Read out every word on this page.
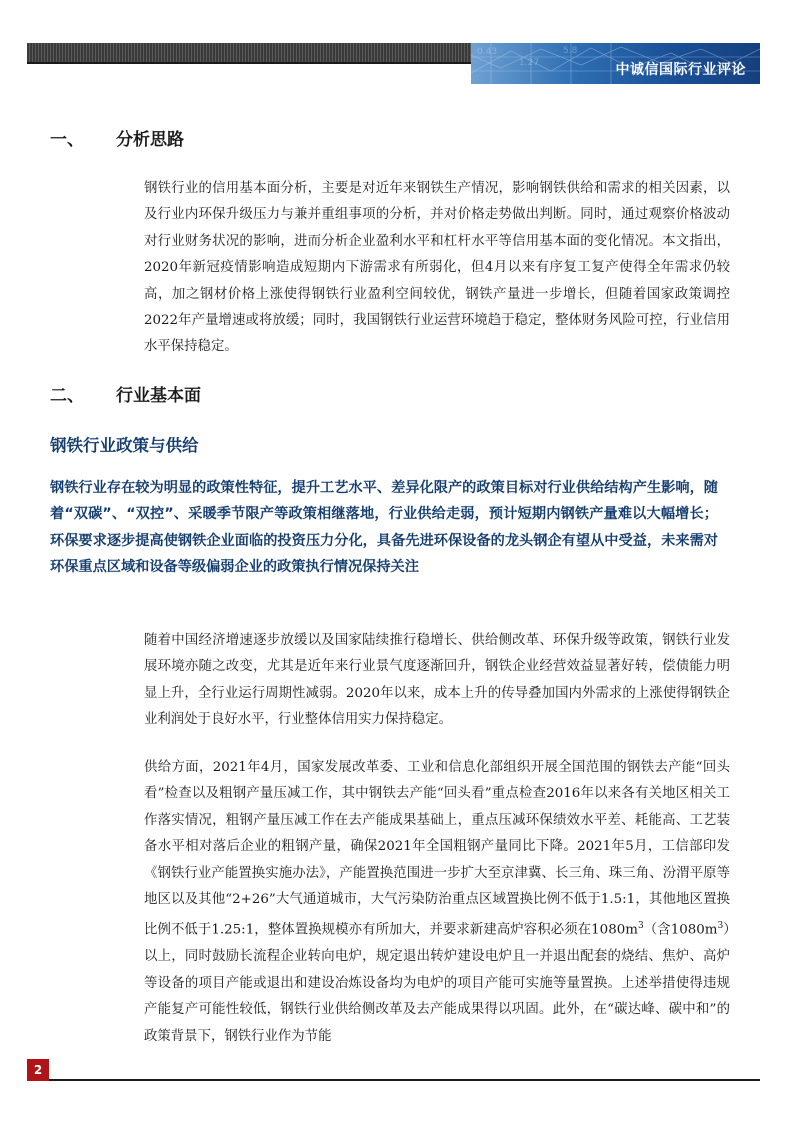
0.43
1.27
5.8
中诚信国际行业评论
一、 分析思路
钢铁行业的信用基本面分析，主要是对近年来钢铁生产情况，影响钢铁供给和需求的相关因素，以及行业内环保升级压力与兼并重组事项的分析，并对价格走势做出判断。同时，通过观察价格波动对行业财务状况的影响，进而分析企业盈利水平和杠杆水平等信用基本面的变化情况。本文指出，2020年新冠疫情影响造成短期内下游需求有所弱化，但4月以来有序复工复产使得全年需求仍较高，加之钢材价格上涨使得钢铁行业盈利空间较优，钢铁产量进一步增长，但随着国家政策调控2022年产量增速或将放缓；同时，我国钢铁行业运营环境趋于稳定，整体财务风险可控，行业信用水平保持稳定。
二、 行业基本面
钢铁行业政策与供给
钢铁行业存在较为明显的政策性特征，提升工艺水平、差异化限产的政策目标对行业供给结构产生影响，随着“双碳”、“双控”、采暖季节限产等政策相继落地，行业供给走弱，预计短期内钢铁产量难以大幅增长；环保要求逐步提高使钢铁企业面临的投资压力分化，具备先进环保设备的龙头钢企有望从中受益，未来需对环保重点区域和设备等级偏弱企业的政策执行情况保持关注
随着中国经济增速逐步放缓以及国家陆续推行稳增长、供给侧改革、环保升级等政策，钢铁行业发展环境亦随之改变，尤其是近年来行业景气度逐渐回升，钢铁企业经营效益显著好转，偿债能力明显上升，全行业运行周期性减弱。2020年以来，成本上升的传导叠加国内外需求的上涨使得钢铁企业利润处于良好水平，行业整体信用实力保持稳定。
供给方面，2021年4月，国家发展改革委、工业和信息化部组织开展全国范围的钢铁去产能“回头看”检查以及粗钢产量压减工作，其中钢铁去产能“回头看”重点检查2016年以来各有关地区相关工作落实情况，粗钢产量压减工作在去产能成果基础上，重点压减环保绩效水平差、耗能高、工艺装备水平相对落后企业的粗钢产量，确保2021年全国粗钢产量同比下降。2021年5月，工信部印发《钢铁行业产能置换实施办法》，产能置换范围进一步扩大至京津冀、长三角、珠三角、汾渭平原等地区以及其他“2+26”大气通道城市，大气污染防治重点区域置换比例不低于1.5:1，其他地区置换比例不低于1.25:1，整体置换规模亦有所加大，并要求新建高炉容积必须在$1080m^3$（含$1080m^3$）以上，同时鼓励长流程企业转向电炉，规定退出转炉建设电炉且一并退出配套的烧结、焦炉、高炉等设备的项目产能或退出和建设冶炼设备均为电炉的项目产能可实施等量置换。上述举措使得违规产能复产可能性较低，钢铁行业供给侧改革及去产能成果得以巩固。此外，在“碳达峰、碳中和”的政策背景下，钢铁行业作为节能
2
